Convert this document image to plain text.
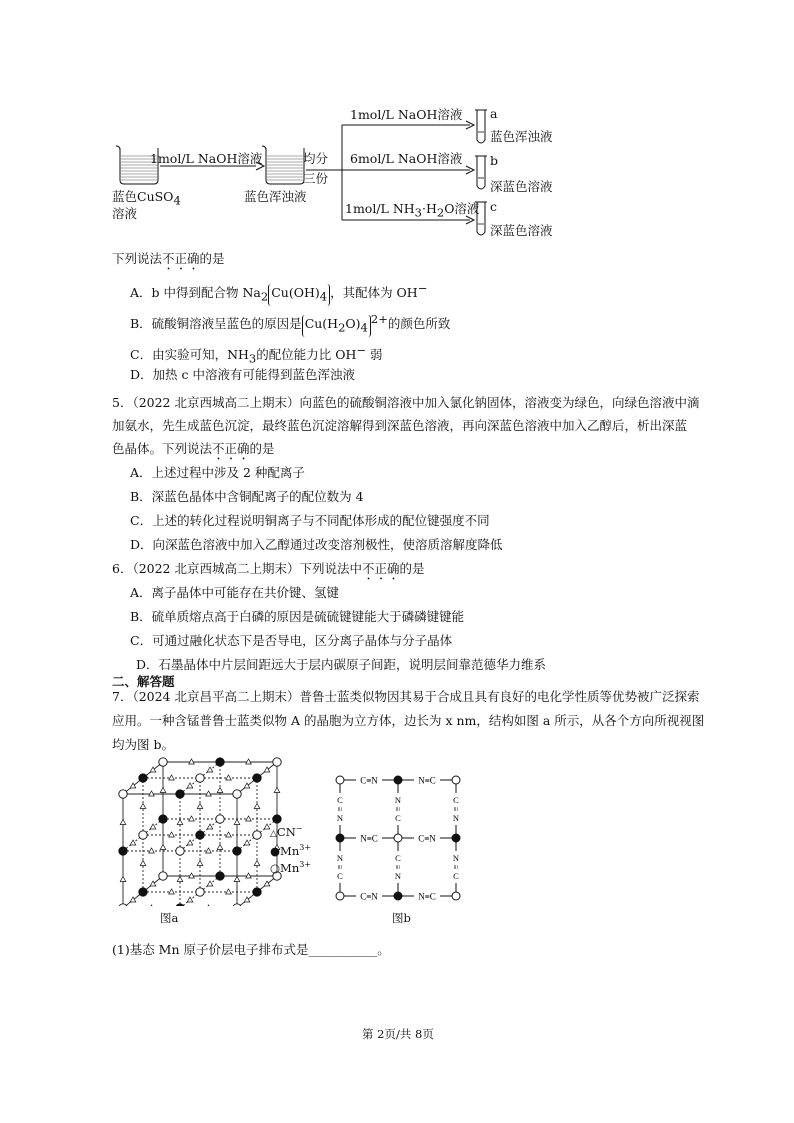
蓝色CuSO$_4$
溶液
1mol/L NaOH溶液
蓝色浑浊液
均分
三份
1mol/L NaOH溶液
6mol/L NaOH溶液
1mol/L $NH_3\cdot H_2O$溶液
a
蓝色浑浊液
b
深蓝色溶液
c
深蓝色溶液
下列说法不正确的是
A．b 中得到配合物 $Na_2$ $Cu(OH)_4$ ，其配体为 OH−
B．硫酸铜溶液呈蓝色的原因是 $Cu(H_2O)_4^{2+}$的颜色所致
C．由实验可知，$NH_3$的配位能力比 OH− 弱
D．加热 c 中溶液有可能得到蓝色浑浊液
5．（2022 北京西城高二上期末）向蓝色的硫酸铜溶液中加入氯化钠固体，溶液变为绿色，向绿色溶液中滴
加氨水，先生成蓝色沉淀，最终蓝色沉淀溶解得到深蓝色溶液，再向深蓝色溶液中加入乙醇后，析出深蓝
色晶体。下列说法不正确的是
A．上述过程中涉及 2 种配离子
B．深蓝色晶体中含铜配离子的配位数为 4
C．上述的转化过程说明铜离子与不同配体形成的配位键强度不同
D．向深蓝色溶液中加入乙醇通过改变溶剂极性，使溶质溶解度降低
6．（2022 北京西城高二上期末）下列说法中不正确的是
A．离子晶体中可能存在共价键、氢键
B．硫单质熔点高于白磷的原因是硫硫键键能大于磷磷键键能
C．可通过融化状态下是否导电，区分离子晶体与分子晶体
D．石墨晶体中片层间距远大于层内碳原子间距，说明层间靠范德华力维系
二、解答题
7．（2024 北京昌平高二上期末）普鲁士蓝类似物因其易于合成且具有良好的电化学性质等优势被广泛探索
应用。一种含锰普鲁士蓝类似物 A 的晶胞为立方体，边长为 x nm，结构如图 a 所示，从各个方向所视视图
均为图 b。
△CN−
$●Mn^{3+}$
$○Mn^{3+}$
图a
C≡N	N≡C
N≡C	C≡N
C≡N	N≡C
C
≡
N
N
≡
C
N
≡
C
C
≡
N
C
≡
N
N
≡
C
图b
(1)基态 Mn 原子价层电子排布式是___________。
第 2页/共 8页
